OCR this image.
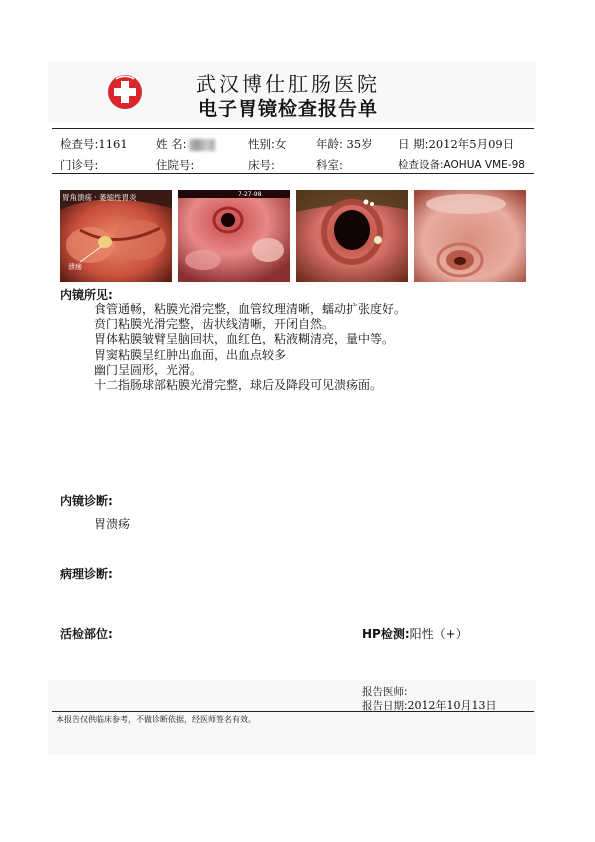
武汉博仕肛肠医院
电子胃镜检查报告单
检查号:1161 姓 名:	性别:女	年龄: 35岁 日 期:2012年5月09日
门诊号:	住院号:	床号:	科室:	检查设备:AOHUA VME-98
胃角溃疡 · 萎缩性胃炎
溃疡
7-27-98
内镜所见:
食管通畅，粘膜光滑完整，血管纹理清晰，蠕动扩张度好。
贲门粘膜光滑完整，齿状线清晰，开闭自然。
胃体粘膜皱臂呈脑回状，血红色，粘液糊清亮，量中等。
胃窦粘膜呈红肿出血面，出血点较多
幽门呈圆形，光滑。
十二指肠球部粘膜光滑完整，球后及降段可见溃疡面。
内镜诊断:
胃溃疡
病理诊断:
活检部位:	HP检测:阳性（+）
报告医师:
报告日期:2012年10月13日
本报告仅供临床参考，不做诊断依据，经医师签名有效。
